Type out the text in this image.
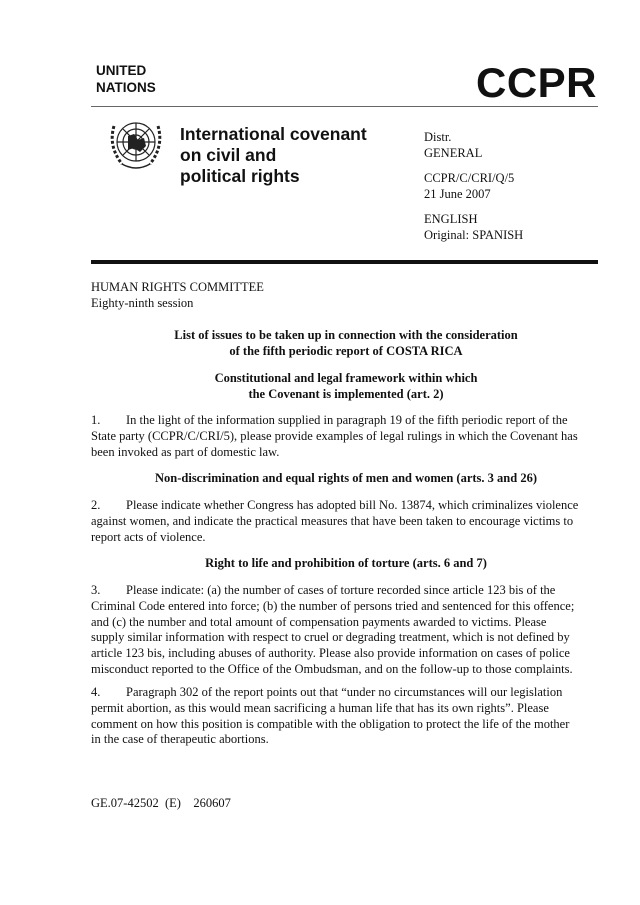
UNITED
NATIONS	CCPR
International covenant
on civil and
political rights
Distr.
GENERAL
CCPR/C/CRI/Q/5
21 June 2007
ENGLISH
Original: SPANISH
HUMAN RIGHTS COMMITTEE
Eighty-ninth session
List of issues to be taken up in connection with the consideration
of the fifth periodic report of COSTA RICA
Constitutional and legal framework within which
the Covenant is implemented (art. 2)
1. In the light of the information supplied in paragraph 19 of the fifth periodic report of the
State party (CCPR/C/CRI/5), please provide examples of legal rulings in which the Covenant has
been invoked as part of domestic law.
Non-discrimination and equal rights of men and women (arts. 3 and 26)
2. Please indicate whether Congress has adopted bill No. 13874, which criminalizes violence
against women, and indicate the practical measures that have been taken to encourage victims to
report acts of violence.
Right to life and prohibition of torture (arts. 6 and 7)
3. Please indicate: (a) the number of cases of torture recorded since article 123 bis of the
Criminal Code entered into force; (b) the number of persons tried and sentenced for this offence;
and (c) the number and total amount of compensation payments awarded to victims. Please
supply similar information with respect to cruel or degrading treatment, which is not defined by
article 123 bis, including abuses of authority. Please also provide information on cases of police
misconduct reported to the Office of the Ombudsman, and on the follow-up to those complaints.
4. Paragraph 302 of the report points out that “under no circumstances will our legislation
permit abortion, as this would mean sacrificing a human life that has its own rights”. Please
comment on how this position is compatible with the obligation to protect the life of the mother
in the case of therapeutic abortions.
GE.07-42502  (E)    260607
